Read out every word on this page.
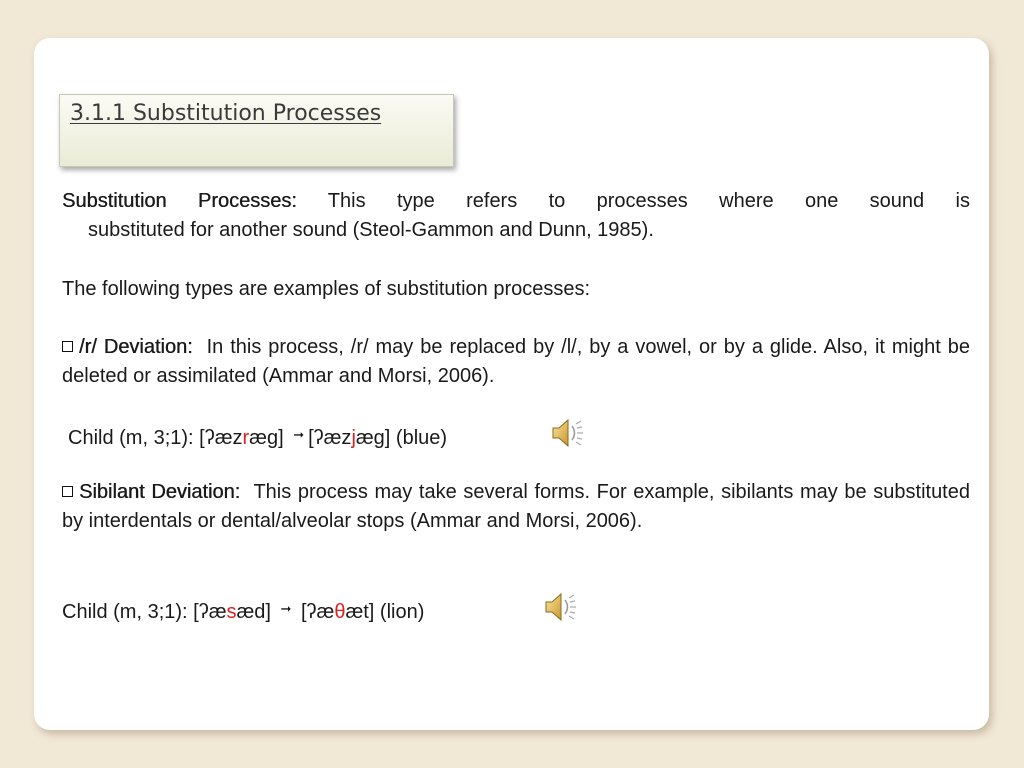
3.1.1 Substitution Processes
Substitution Processes: This type refers to processes where one sound is
substituted for another sound (Steol-Gammon and Dunn, 1985).
The following types are examples of substitution processes:
/r/ Deviation: In this process, /r/ may be replaced by /l/, by a vowel, or by a glide. Also, it might be deleted or assimilated (Ammar and Morsi, 2006).
Child (m, 3;1): [ʔæzræg] ➞ [ʔæzjæg] (blue)
Sibilant Deviation: This process may take several forms. For example, sibilants may be substituted by interdentals or dental/alveolar stops (Ammar and Morsi, 2006).
Child (m, 3;1): [ʔæsæd] ➞ [ʔæθæt] (lion)
